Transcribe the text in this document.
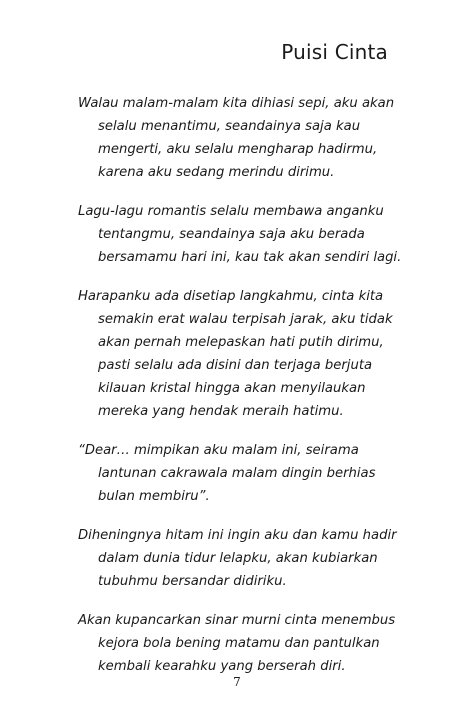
Puisi Cinta
Walau malam-malam kita dihiasi sepi, aku akan
selalu menantimu, seandainya saja kau
mengerti, aku selalu mengharap hadirmu,
karena aku sedang merindu dirimu.
Lagu-lagu romantis selalu membawa anganku
tentangmu, seandainya saja aku berada
bersamamu hari ini, kau tak akan sendiri lagi.
Harapanku ada disetiap langkahmu, cinta kita
semakin erat walau terpisah jarak, aku tidak
akan pernah melepaskan hati putih dirimu,
pasti selalu ada disini dan terjaga berjuta
kilauan kristal hingga akan menyilaukan
mereka yang hendak meraih hatimu.
“Dear… mimpikan aku malam ini, seirama
lantunan cakrawala malam dingin berhias
bulan membiru”.
Diheningnya hitam ini ingin aku dan kamu hadir
dalam dunia tidur lelapku, akan kubiarkan
tubuhmu bersandar didiriku.
Akan kupancarkan sinar murni cinta menembus
kejora bola bening matamu dan pantulkan
kembali kearahku yang berserah diri.
7
